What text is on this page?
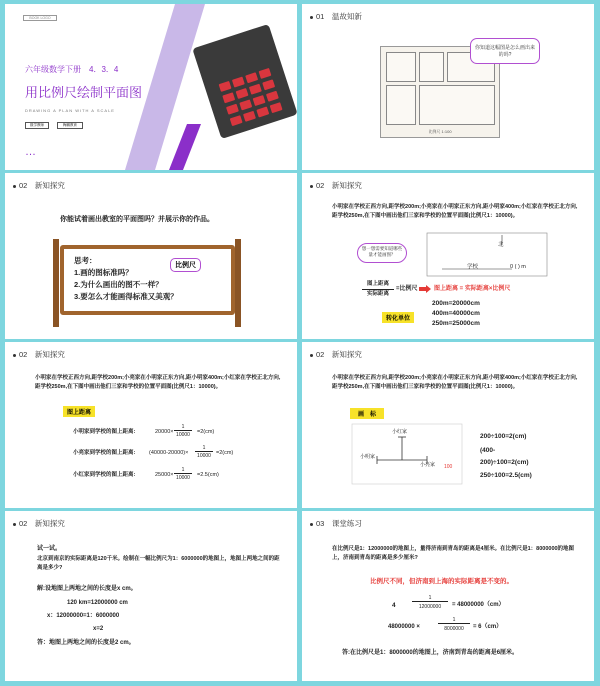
BOOK LOGO
六年级数学下册　4．3．4
用比例尺绘制平面图
DRAWING A PLAN WITH A SCALE
数学教师	梅鹏教育
…
01　 温故知新
比例尺 1:100
你知道这幅图是怎么画出来的吗?
02　 新知探究
你能试着画出教室的平面图吗？并展示你的作品。
思考：
1.画的图标准吗？
2.为什么画出的图不一样？
3.要怎么才能画得标准又美观？
比例尺
02　 新知探究
小明家在学校正西方向,距学校200m;小亮家在小明家正东方向,距小明家400m;小红家在学校正北方向,距学校250m,在下图中画出他们三家和学校的位置平面图(比例尺1：10000)。
想一想需要知道哪些量才能画图？
北
学校	0 ( ) m
图上距离
实际距离
=比例尺	图上距离 = 实际距离×比例尺
转化单位
200m=20000cm
400m=40000cm
250m=25000cm
02　 新知探究
小明家在学校正西方向,距学校200m;小亮家在小明家正东方向,距小明家400m;小红家在学校正北方向,距学校250m,在下图中画出他们三家和学校的位置平面图(比例尺1：10000)。
图上距离
小明家到学校的图上距离:	20000×
1
10000	=2(cm)
小亮家到学校的图上距离: (40000-20000)×
1
10000 =2(cm)
小红家到学校的图上距离:	25000×
1
10000	=2.5(cm)
02　 新知探究
小明家在学校正西方向,距学校200m;小亮家在小明家正东方向,距小明家400m;小红家在学校正北方向,距学校250m,在下图中画出他们三家和学校的位置平面图(比例尺1：10000)。
画　标
小红家
小明家
小亮家 100
200÷100=2(cm)
(400-
200)÷100=2(cm)
250÷100=2.5(cm)
02　 新知探究
试一试。
北京到南京的实际距离是120千米。绘制在一幅比例尺为1：6000000的地图上，地图上两地之间的距离是多少?
解:设地图上两地之间的长度是x cm。
120 km=12000000 cm
x：12000000=1：6000000
x=2
答：地图上两地之间的长度是2 cm。
03　 课堂练习
在比例尺是1：12000000的地图上，量得济南到青岛的距离是4厘米。在比例尺是1：8000000的地图上，济南到青岛的距离是多少厘米?
比例尺不同，但济南到上海的实际距离是不变的。
4
1
12000000	= 48000000（cm）
48000000 ×
1
8000000	= 6（cm）
答:在比例尺是1：8000000的地图上，济南到青岛的距离是6厘米。
